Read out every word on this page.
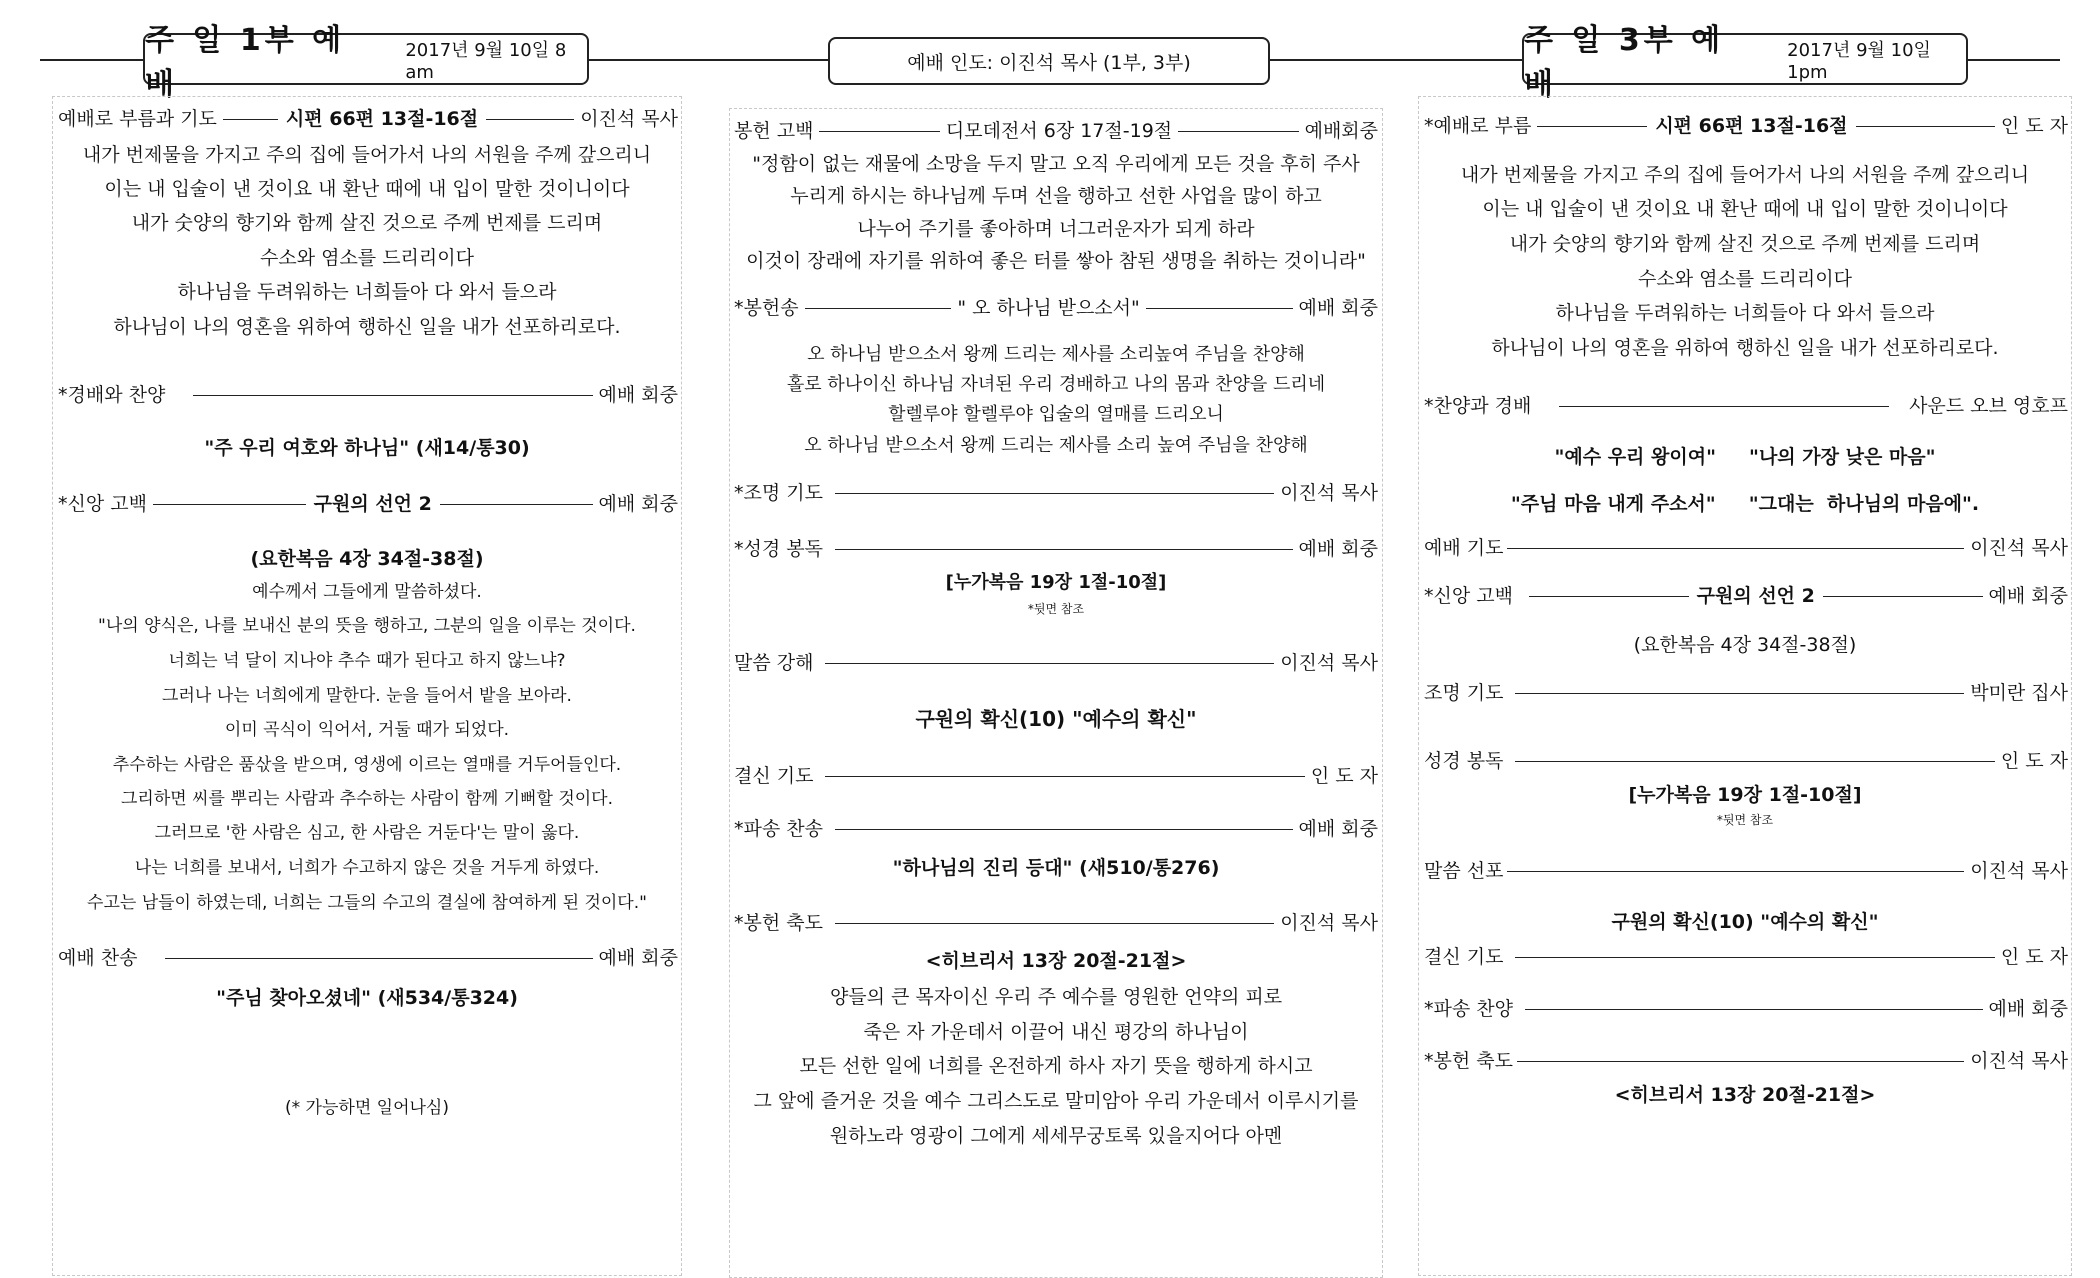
주 일 1부 예 배
2017년 9월 10일 8 am	예배 인도: 이진석 목사 (1부, 3부)
주 일 3부 예 배
2017년 9월 10일 1pm
예배로 부름과 기도	시편 66편 13절-16절	이진석 목사
내가 번제물을 가지고 주의 집에 들어가서 나의 서원을 주께 갚으리니
이는 내 입술이 낸 것이요 내 환난 때에 내 입이 말한 것이니이다
내가 숫양의 향기와 함께 살진 것으로 주께 번제를 드리며
수소와 염소를 드리리이다
하나님을 두려워하는 너희들아 다 와서 들으라
하나님이 나의 영혼을 위하여 행하신 일을 내가 선포하리로다.
*경배와 찬양	예배 회중
"주 우리 여호와 하나님" (새14/통30)
*신앙 고백	구원의 선언 2	예배 회중
(요한복음 4장 34절-38절)
예수께서 그들에게 말씀하셨다.
"나의 양식은, 나를 보내신 분의 뜻을 행하고, 그분의 일을 이루는 것이다.
너희는 넉 달이 지나야 추수 때가 된다고 하지 않느냐?
그러나 나는 너희에게 말한다. 눈을 들어서 밭을 보아라.
이미 곡식이 익어서, 거둘 때가 되었다.
추수하는 사람은 품삯을 받으며, 영생에 이르는 열매를 거두어들인다.
그리하면 씨를 뿌리는 사람과 추수하는 사람이 함께 기뻐할 것이다.
그러므로 '한 사람은 심고, 한 사람은 거둔다'는 말이 옳다.
나는 너희를 보내서, 너희가 수고하지 않은 것을 거두게 하였다.
수고는 남들이 하였는데, 너희는 그들의 수고의 결실에 참여하게 된 것이다."
예배 찬송	예배 회중
"주님 찾아오셨네" (새534/통324)
(* 가능하면 일어나심)
봉헌 고백	디모데전서 6장 17절-19절	예배회중
"정함이 없는 재물에 소망을 두지 말고 오직 우리에게 모든 것을 후히 주사
누리게 하시는 하나님께 두며 선을 행하고 선한 사업을 많이 하고
나누어 주기를 좋아하며 너그러운자가 되게 하라
이것이 장래에 자기를 위하여 좋은 터를 쌓아 참된 생명을 취하는 것이니라"
*봉헌송	" 오 하나님 받으소서"	예배 회중
오 하나님 받으소서 왕께 드리는 제사를 소리높여 주님을 찬양해
홀로 하나이신 하나님 자녀된 우리 경배하고 나의 몸과 찬양을 드리네
할렐루야 할렐루야 입술의 열매를 드리오니
오 하나님 받으소서 왕께 드리는 제사를 소리 높여 주님을 찬양해
*조명 기도	이진석 목사
*성경 봉독	예배 회중
[누가복음 19장 1절-10절]
*뒷면 참조
말씀 강해	이진석 목사
구원의 확신(10) "예수의 확신"
결신 기도	인 도 자
*파송 찬송	예배 회중
"하나님의 진리 등대" (새510/통276)
*봉헌 축도	이진석 목사
<히브리서 13장 20절-21절>
양들의 큰 목자이신 우리 주 예수를 영원한 언약의 피로
죽은 자 가운데서 이끌어 내신 평강의 하나님이
모든 선한 일에 너희를 온전하게 하사 자기 뜻을 행하게 하시고
그 앞에 즐거운 것을 예수 그리스도로 말미암아 우리 가운데서 이루시기를
원하노라 영광이 그에게 세세무궁토록 있을지어다 아멘
*예배로 부름	시편 66편 13절-16절	인 도 자
내가 번제물을 가지고 주의 집에 들어가서 나의 서원을 주께 갚으리니
이는 내 입술이 낸 것이요 내 환난 때에 내 입이 말한 것이니이다
내가 숫양의 향기와 함께 살진 것으로 주께 번제를 드리며
수소와 염소를 드리리이다
하나님을 두려워하는 너희들아 다 와서 들으라
하나님이 나의 영혼을 위하여 행하신 일을 내가 선포하리로다.
*찬양과 경배	사운드 오브 영호프
"예수 우리 왕이여"     "나의 가장 낮은 마음"
"주님 마음 내게 주소서"     "그대는  하나님의 마음에".
예배 기도	이진석 목사
*신앙 고백	구원의 선언 2	예배 회중
(요한복음 4장 34절-38절)
조명 기도	박미란 집사
성경 봉독	인 도 자
[누가복음 19장 1절-10절]
*뒷면 참조
말씀 선포	이진석 목사
구원의 확신(10) "예수의 확신"
결신 기도	인 도 자
*파송 찬양	예배 회중
*봉헌 축도	이진석 목사
<히브리서 13장 20절-21절>
